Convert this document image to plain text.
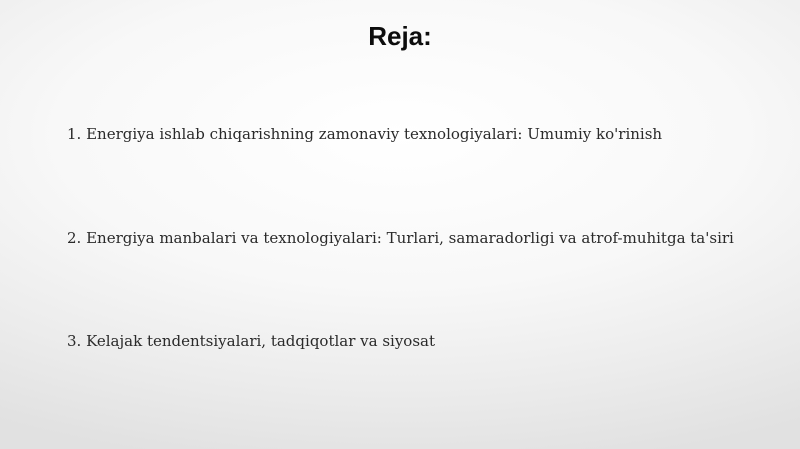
Reja:
1. Energiya ishlab chiqarishning zamonaviy texnologiyalari: Umumiy ko'rinish
2. Energiya manbalari va texnologiyalari: Turlari, samaradorligi va atrof-muhitga ta'siri
3. Kelajak tendentsiyalari, tadqiqotlar va siyosat
